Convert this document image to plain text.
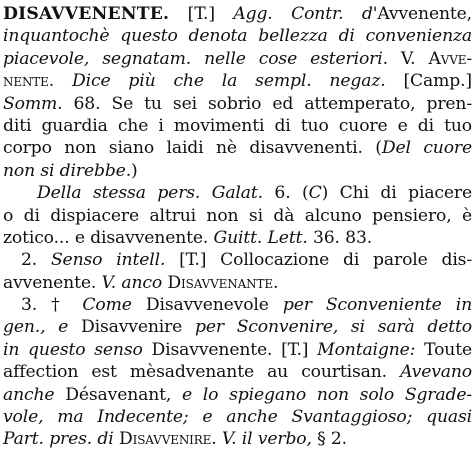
DISAVVENENTE. [T.] Agg. Contr. d'Avvenente,
inquantochè questo denota bellezza di convenienza
piacevole, segnatam. nelle cose esteriori. V. Avve-
nente. Dice più che la sempl. negaz. [Camp.]
Somm. 68. Se tu sei sobrio ed attemperato, pren-
diti guardia che i movimenti di tuo cuore e di tuo
corpo non siano laidi nè disavvenenti. (Del cuore
non si direbbe.)
Della stessa pers. Galat. 6. (C) Chi di piacere
o di dispiacere altrui non si dà alcuno pensiero, è
zotico... e disavvenente. Guitt. Lett. 36. 83.
2. Senso intell. [T.] Collocazione di parole dis-
avvenente. V. anco Disavvenante.
3. † Come Disavvenevole per Sconveniente in
gen., e Disavvenire per Sconvenire, si sarà detto
in questo senso Disavvenente. [T.] Montaigne: Toute
affection est mèsadvenante au courtisan. Avevano
anche Désavenant, e lo spiegano non solo Sgrade-
vole, ma Indecente; e anche Svantaggioso; quasi
Part. pres. di Disavvenire. V. il verbo, § 2.
